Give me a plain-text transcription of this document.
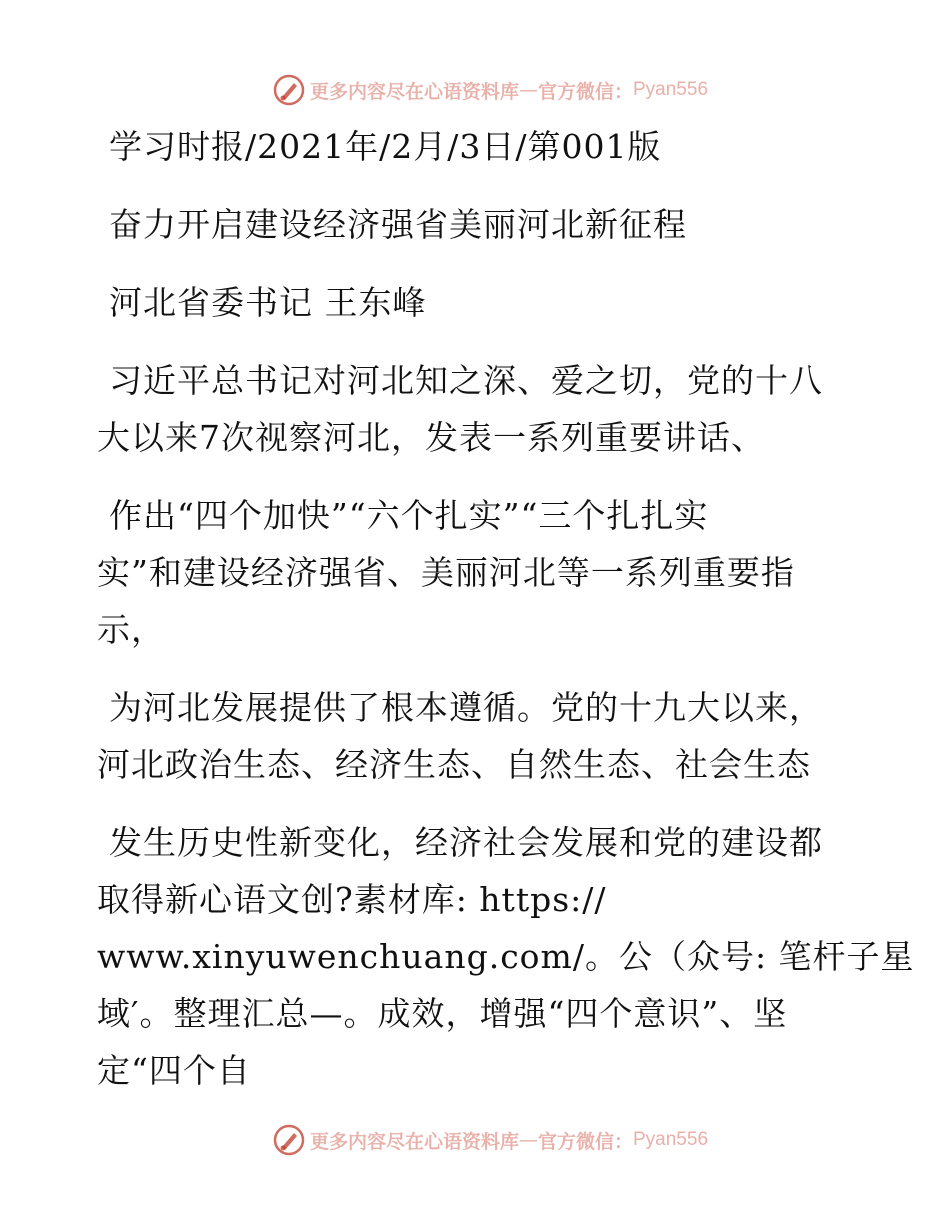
更多内容尽在心语资料库 — 官方微信： Pyan556
学习时报/2021年/2月/3日/第001版
奋力开启建设经济强省美丽河北新征程
河北省委书记 王东峰
习近平总书记对河北知之深、爱之切，党的十八
大以来7次视察河北，发表一系列重要讲话、
作出“四个加快”“六个扎实”“三个扎扎实
实”和建设经济强省、美丽河北等一系列重要指
示，
为河北发展提供了根本遵循。党的十九大以来，
河北政治生态、经济生态、自然生态、社会生态
发生历史性新变化，经济社会发展和党的建设都
取得新心语文创?素材库: https://
www.xinyuwenchuang.com/。公（众号: 笔杆子星
域′。整理汇总—。成效，增强“四个意识”、坚
定“四个自
更多内容尽在心语资料库 — 官方微信： Pyan556
